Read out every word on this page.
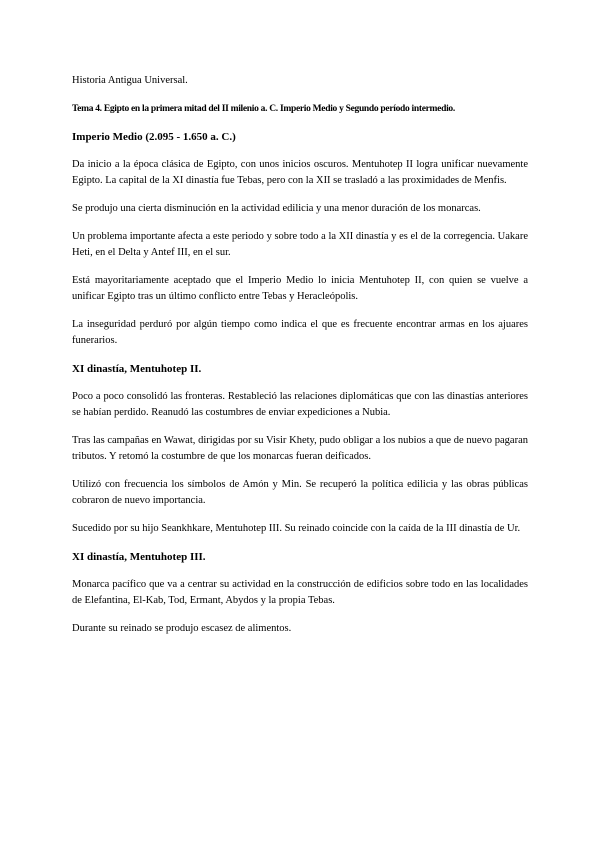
Historia Antigua Universal.
Tema 4. Egipto en la primera mitad del II milenio a. C. Imperio Medio y Segundo período intermedio.
Imperio Medio (2.095 - 1.650 a. C.)

Da inicio a la época clásica de Egipto, con unos inicios oscuros. Mentuhotep II logra unificar nuevamente Egipto. La capital de la XI dinastía fue Tebas, pero con la XII se trasladó a las proximidades de Menfis.

Se produjo una cierta disminución en la actividad edilicia y una menor duración de los monarcas.

Un problema importante afecta a este periodo y sobre todo a la XII dinastía y es el de la corregencia. Uakare Heti, en el Delta y Antef III, en el sur.

Está mayoritariamente aceptado que el Imperio Medio lo inicia Mentuhotep II, con quien se vuelve a unificar Egipto tras un último conflicto entre Tebas y Heracleópolis.

La inseguridad perduró por algún tiempo como indica el que es frecuente encontrar armas en los ajuares funerarios.

XI dinastía, Mentuhotep II.

Poco a poco consolidó las fronteras. Restableció las relaciones diplomáticas que con las dinastías anteriores se habían perdido. Reanudó las costumbres de enviar expediciones a Nubia.

Tras las campañas en Wawat, dirigidas por su Visir Khety, pudo obligar a los nubios a que de nuevo pagaran tributos. Y retomó la costumbre de que los monarcas fueran deificados.

Utilizó con frecuencia los símbolos de Amón y Min. Se recuperó la política edilicia y las obras públicas cobraron de nuevo importancia.

Sucedido por su hijo Seankhkare, Mentuhotep III. Su reinado coincide con la caída de la III dinastía de Ur.

XI dinastía, Mentuhotep III.

Monarca pacífico que va a centrar su actividad en la construcción de edificios sobre todo en las localidades de Elefantina, El-Kab, Tod, Ermant, Abydos y la propia Tebas.

Durante su reinado se produjo escasez de alimentos.
